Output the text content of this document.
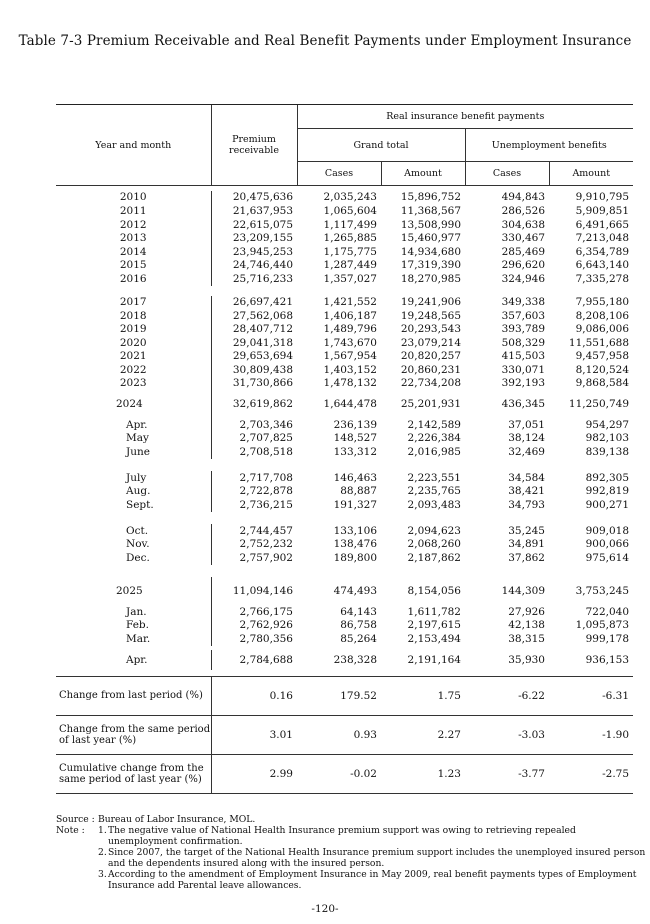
Table 7-3 Premium Receivable and Real Benefit Payments under Employment Insurance
Year and month	Premium receivable	Real insurance benefit payments			
		Grand total		Unemployment benefits	
		Cases	Amount	Cases	Amount

2010	20,475,636	2,035,243	15,896,752	494,843	9,910,795
2011	21,637,953	1,065,604	11,368,567	286,526	5,909,851
2012	22,615,075	1,117,499	13,508,990	304,638	6,491,665
2013	23,209,155	1,265,885	15,460,977	330,467	7,213,048
2014	23,945,253	1,175,775	14,934,680	285,469	6,354,789
2015	24,746,440	1,287,449	17,319,390	296,620	6,643,140
2016	25,716,233	1,357,027	18,270,985	324,946	7,335,278

2017	26,697,421	1,421,552	19,241,906	349,338	7,955,180
2018	27,562,068	1,406,187	19,248,565	357,603	8,208,106
2019	28,407,712	1,489,796	20,293,543	393,789	9,086,006
2020	29,041,318	1,743,670	23,079,214	508,329	11,551,688
2021	29,653,694	1,567,954	20,820,257	415,503	9,457,958
2022	30,809,438	1,403,152	20,860,231	330,071	8,120,524
2023	31,730,866	1,478,132	22,734,208	392,193	9,868,584
2024	32,619,862	1,644,478	25,201,931	436,345	11,250,749
Apr.	2,703,346	236,139	2,142,589	37,051	954,297
May	2,707,825	148,527	2,226,384	38,124	982,103
June	2,708,518	133,312	2,016,985	32,469	839,138

July	2,717,708	146,463	2,223,551	34,584	892,305
Aug.	2,722,878	88,887	2,235,765	38,421	992,819
Sept.	2,736,215	191,327	2,093,483	34,793	900,271

Oct.	2,744,457	133,106	2,094,623	35,245	909,018
Nov.	2,752,232	138,476	2,068,260	34,891	900,066
Dec.	2,757,902	189,800	2,187,862	37,862	975,614

2025	11,094,146	474,493	8,154,056	144,309	3,753,245
Jan.	2,766,175	64,143	1,611,782	27,926	722,040
Feb.	2,762,926	86,758	2,197,615	42,138	1,095,873
Mar.	2,780,356	85,264	2,153,494	38,315	999,178

Apr.	2,784,688	238,328	2,191,164	35,930	936,153

Change from last period (%)	0.16	179.52	1.75	-6.22	-6.31
Change from the same period of last year (%)	3.01	0.93	2.27	-3.03	-1.90
Cumulative change from the same period of last year (%)	2.99	-0.02	1.23	-3.77	-2.75
Source : Bureau of Labor Insurance, MOL.
Note :	1. The negative value of National Health Insurance premium support was owing to retrieving repealed unemployment confirmation.
2. Since 2007, the target of the National Health Insurance premium support includes the unemployed insured person and the dependents insured along with the insured person.
3. According to the amendment of Employment Insurance in May 2009, real benefit payments types of Employment Insurance add Parental leave allowances.
-120-
